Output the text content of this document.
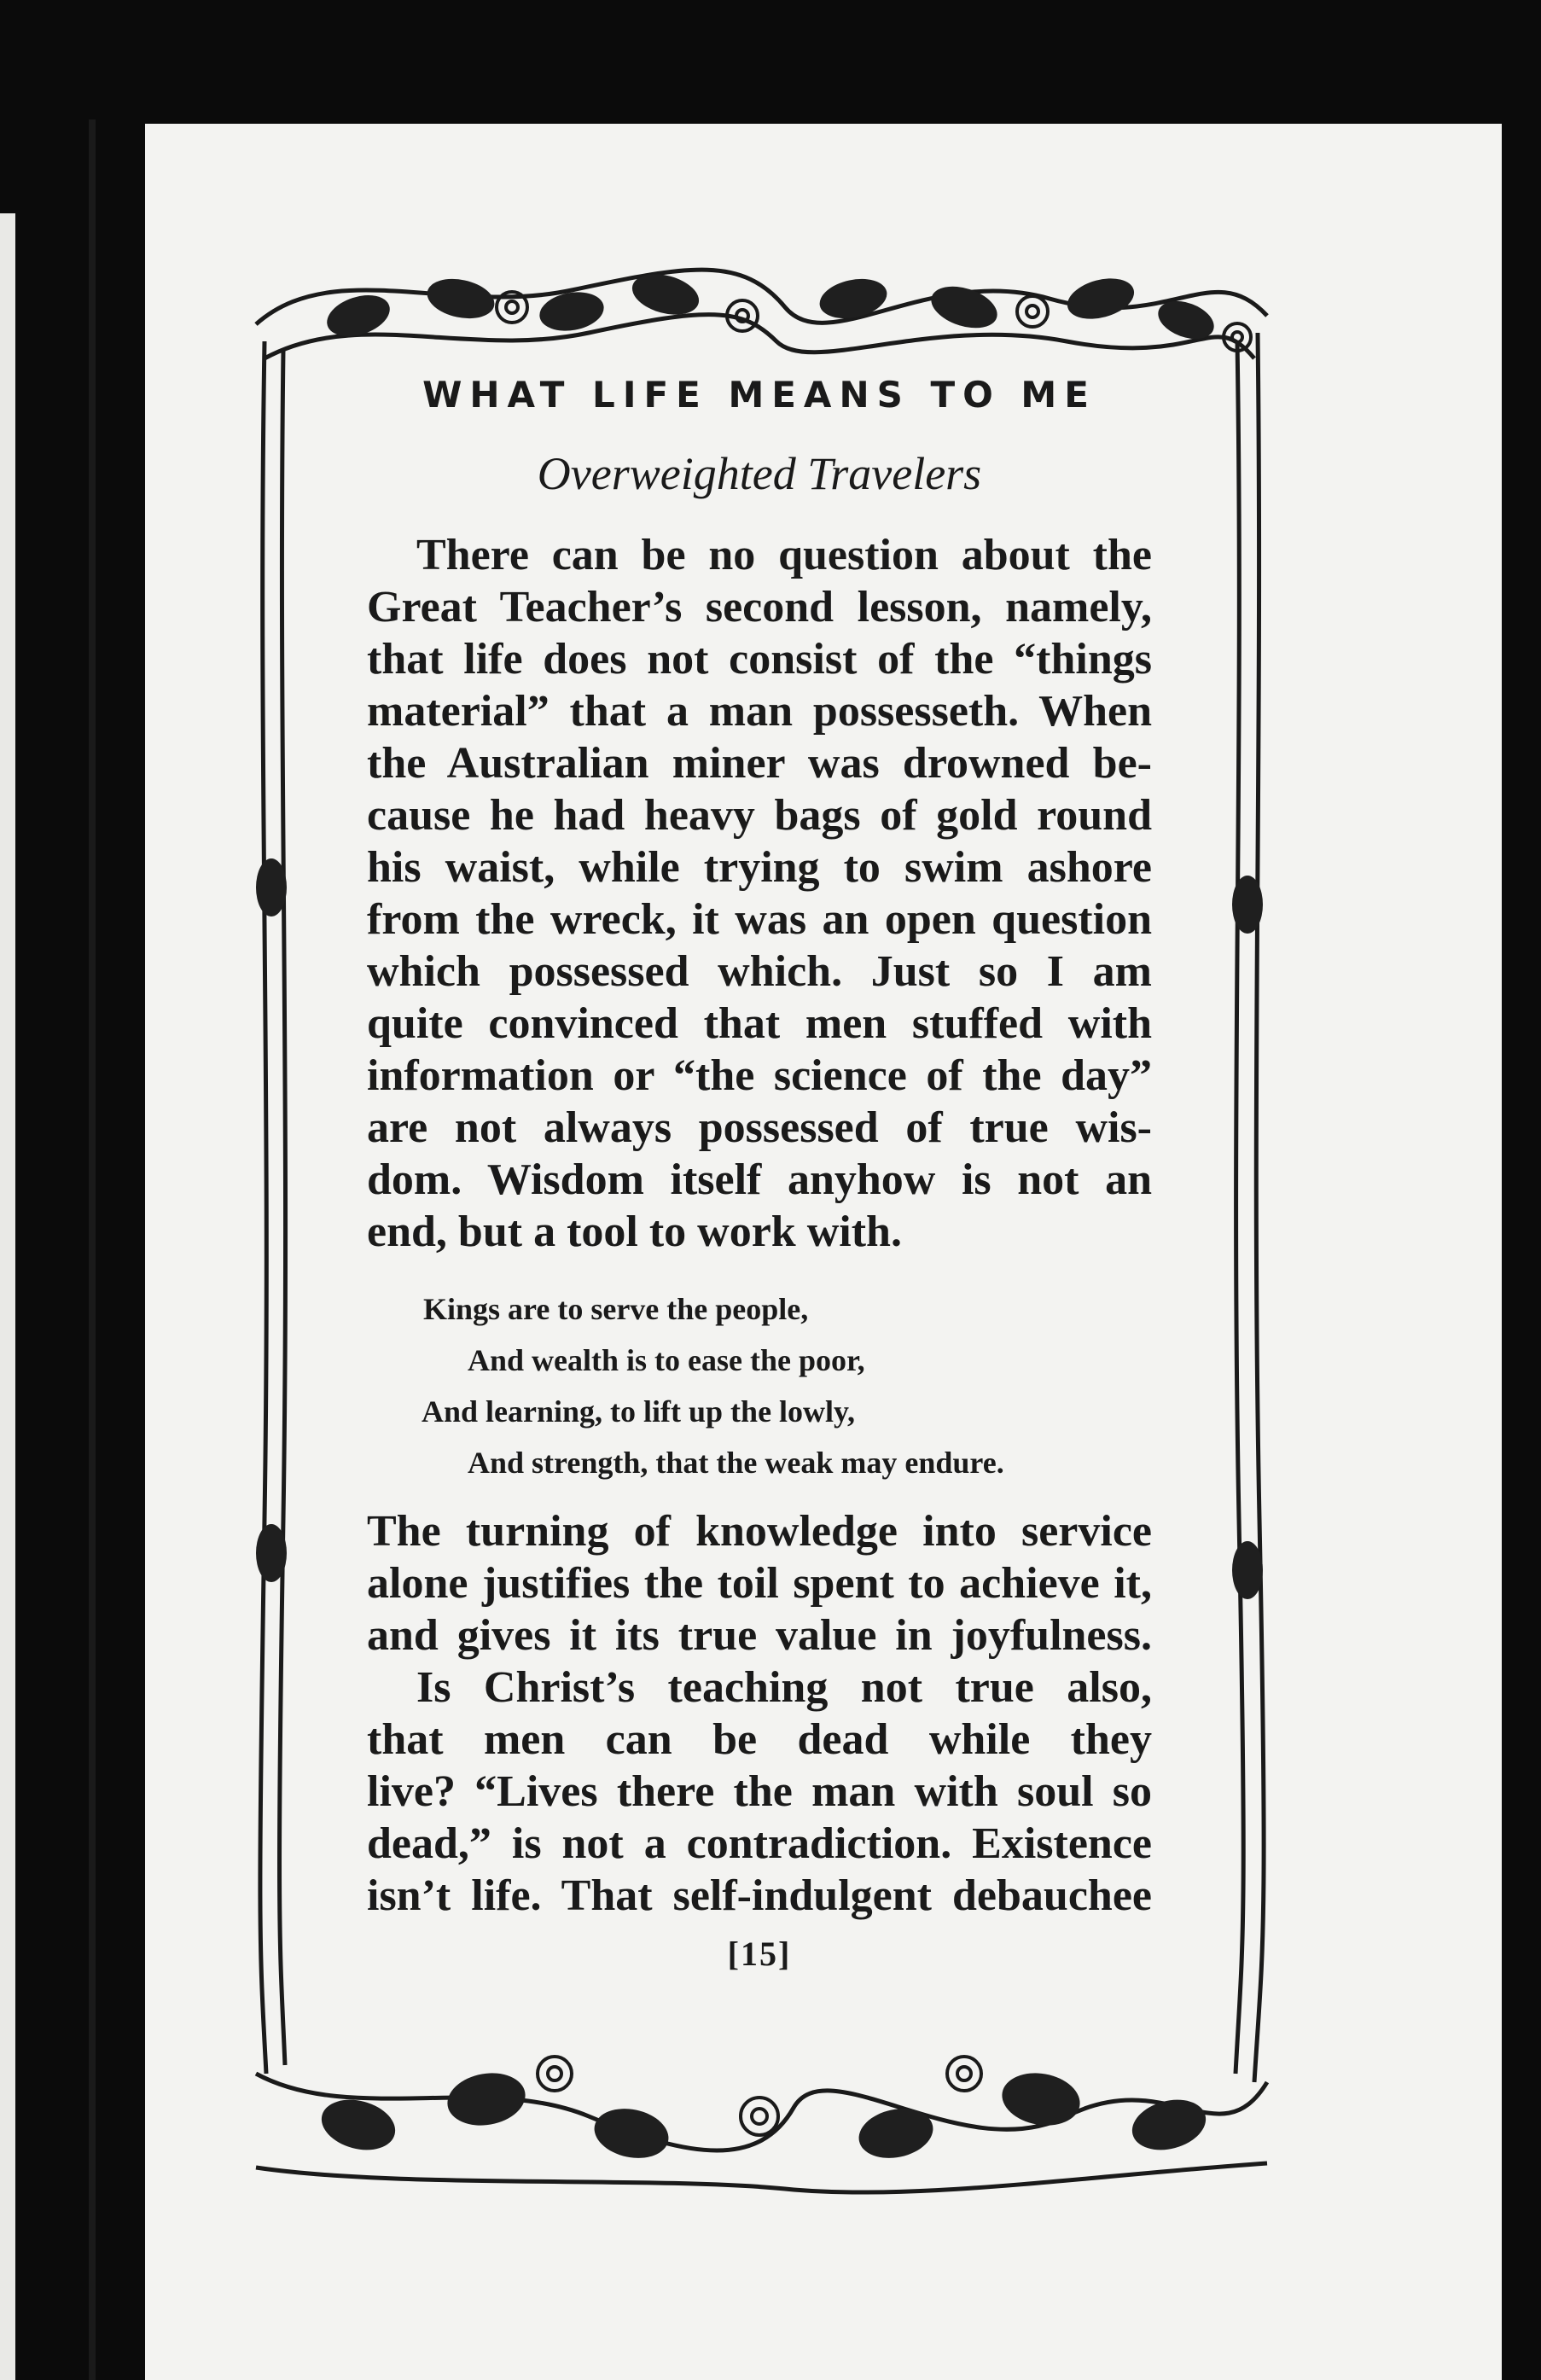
WHAT LIFE MEANS TO ME
Overweighted Travelers
There can be no question about the
Great Teacher’s second lesson, namely,
that life does not consist of the “things
material” that a man possesseth. When
the Australian miner was drowned be-
cause he had heavy bags of gold round
his waist, while trying to swim ashore
from the wreck, it was an open question
which possessed which. Just so I am
quite convinced that men stuffed with
information or “the science of the day”
are not always possessed of true wis-
dom. Wisdom itself anyhow is not an
end, but a tool to work with.
Kings are to serve the people,
And wealth is to ease the poor,
And learning, to lift up the lowly,
And strength, that the weak may endure.
The turning of knowledge into service
alone justifies the toil spent to achieve it,
and gives it its true value in joyfulness.
Is Christ’s teaching not true also,
that men can be dead while they
live? “Lives there the man with soul so
dead,” is not a contradiction. Existence
isn’t life. That self-indulgent debauchee
[15]
